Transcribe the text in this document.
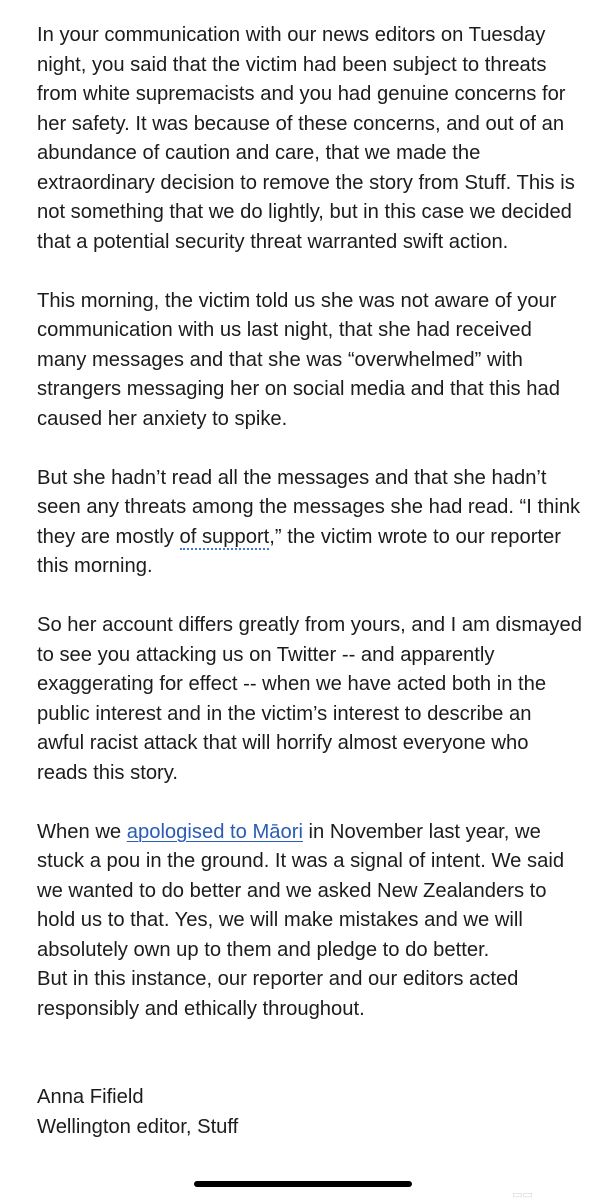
In your communication with our news editors on Tuesday night, you said that the victim had been subject to threats from white supremacists and you had genuine concerns for her safety. It was because of these concerns, and out of an abundance of caution and care, that we made the extraordinary decision to remove the story from Stuff. This is not something that we do lightly, but in this case we decided that a potential security threat warranted swift action.

This morning, the victim told us she was not aware of your communication with us last night, that she had received many messages and that she was “overwhelmed” with strangers messaging her on social media and that this had caused her anxiety to spike.

But she hadn’t read all the messages and that she hadn’t seen any threats among the messages she had read. “I think they are mostly of support,” the victim wrote to our reporter this morning.

So her account differs greatly from yours, and I am dismayed to see you attacking us on Twitter -- and apparently exaggerating for effect -- when we have acted both in the public interest and in the victim’s interest to describe an awful racist attack that will horrify almost everyone who reads this story.

When we apologised to Māori in November last year, we stuck a pou in the ground. It was a signal of intent. We said we wanted to do better and we asked New Zealanders to hold us to that. Yes, we will make mistakes and we will absolutely own up to them and pledge to do better.

But in this instance, our reporter and our editors acted responsibly and ethically throughout.

Anna Fifield
Wellington editor, Stuff
▭▭
